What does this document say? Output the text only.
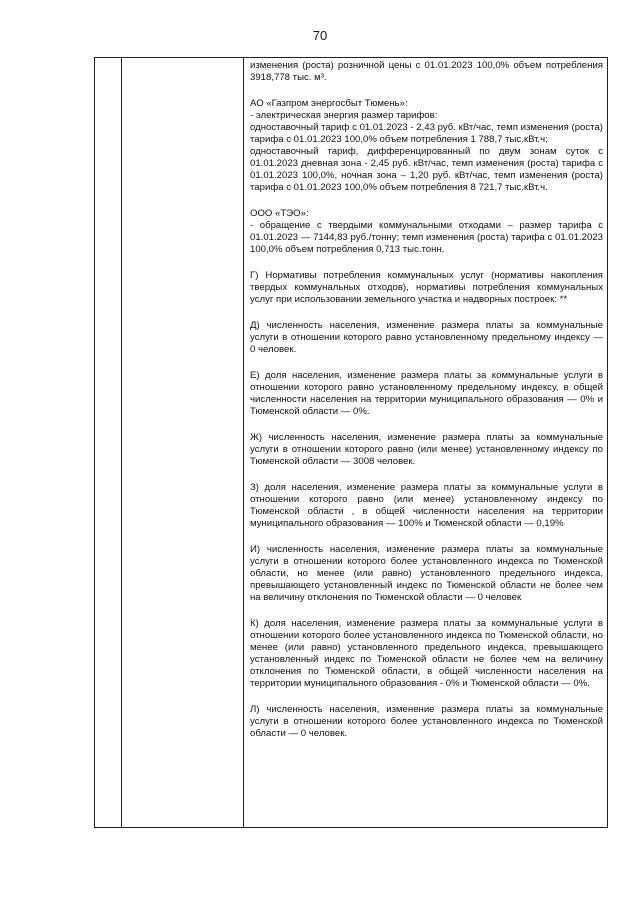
70
изменения (роста) розничной цены с 01.01.2023 100,0% объем потребления 3918,778 тыс. м³.
АО «Газпром энергосбыт Тюмень»:
- электрическая энергия размер тарифов:
одноставочный тариф с 01.01.2023 - 2,43 руб. кВт/час, темп изменения (роста) тарифа с 01.01.2023 100,0% объем потребления 1 788,7 тыс.кВт.ч;
одноставочный тариф, дифференцированный по двум зонам суток с 01.01.2023 дневная зона - 2,45 руб. кВт/час, темп изменения (роста) тарифа с 01.01.2023 100,0%, ночная зона – 1,20 руб. кВт/час, темп изменения (роста) тарифа с 01.01.2023 100,0% объем потребления 8 721,7 тыс.кВт.ч.
ООО «ТЭО»:
- обращение с твердыми коммунальными отходами – размер тарифа с 01.01.2023 — 7144,83 руб./тонну; темп изменения (роста) тарифа с 01.01.2023 100,0% объем потребления 0,713 тыс.тонн.
Г) Нормативы потребления коммунальных услуг (нормативы накопления твердых коммунальных отходов), нормативы потребления коммунальных услуг при использовании земельного участка и надворных построек: **
Д) численность населения, изменение размера платы за коммунальные услуги в отношении которого равно установленному предельному индексу — 0 человек.
Е) доля населения, изменение размера платы за коммунальные услуги в отношении которого равно установленному предельному индексу, в общей численности населения на территории муниципального образования — 0% и Тюменской области — 0%.
Ж) численность населения, изменение размера платы за коммунальные услуги в отношении которого равно (или менее) установленному индексу по Тюменской области — 3008 человек.
З) доля населения, изменение размера платы за коммунальные услуги в отношении которого равно (или менее) установленному индексу по Тюменской области , в общей численности населения на территории муниципального образования — 100% и Тюменской области — 0,19%
И) численность населения, изменение размера платы за коммунальные услуги в отношении которого более установленного индекса по Тюменской области, но менее (или равно) установленного предельного индекса, превышающего установленный индекс по Тюменской области не более чем на величину отклонения по Тюменской области — 0 человек
К) доля населения, изменение размера платы за коммунальные услуги в отношении которого более установленного индекса по Тюменской области, но менее (или равно) установленного предельного индекса, превышающего установленный индекс по Тюменской области не более чем на величину отклонения по Тюменской области, в общей численности населения на территории муниципального образования - 0% и Тюменской области — 0%.
Л) численность населения, изменение размера платы за коммунальные услуги в отношении которого более установленного индекса по Тюменской области — 0 человек.
